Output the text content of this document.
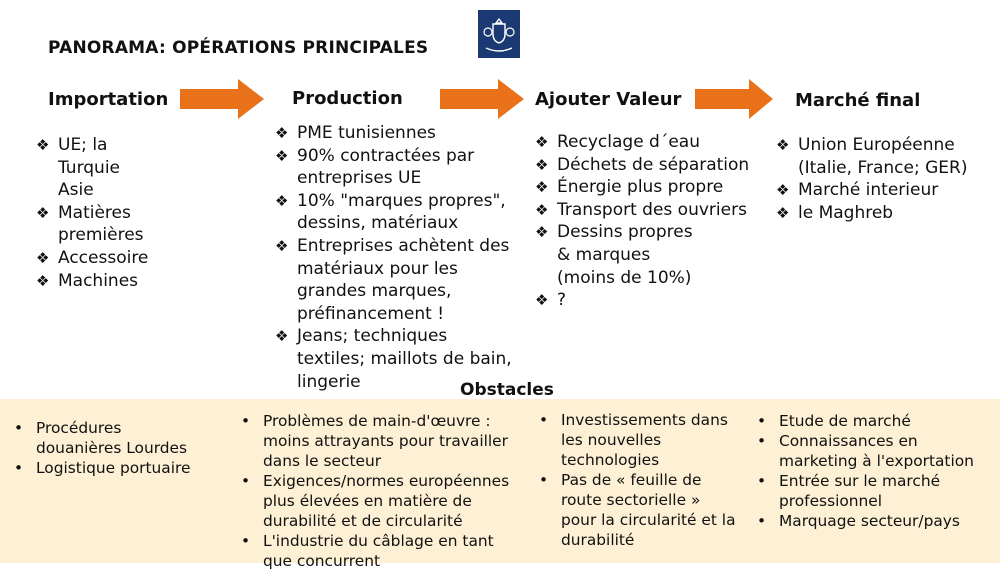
PANORAMA: OPÉRATIONS PRINCIPALES
Importation	Production	Ajouter Valeur	Marché final
❖ UE; la
Turquie
Asie
❖ Matières
premières
❖ Accessoire
❖ Machines
❖ PME tunisiennes
❖ 90% contractées par
entreprises UE
❖ 10% "marques propres",
dessins, matériaux
❖ Entreprises achètent des
matériaux pour les
grandes marques,
préfinancement !
❖ Jeans; techniques
textiles; maillots de bain,
lingerie
❖ Recyclage d´eau
❖ Déchets de séparation
❖ Énergie plus propre
❖ Transport des ouvriers
❖ Dessins propres
& marques
(moins de 10%)
❖ ?
❖ Union Européenne
(Italie, France; GER)
❖ Marché interieur
❖ le Maghreb
Obstacles
• Procédures
douanières Lourdes
• Logistique portuaire
• Problèmes de main-d'œuvre :
moins attrayants pour travailler
dans le secteur
• Exigences/normes européennes
plus élevées en matière de
durabilité et de circularité
• L'industrie du câblage en tant
que concurrent
• Investissements dans
les nouvelles
technologies
• Pas de « feuille de
route sectorielle »
pour la circularité et la
durabilité
• Etude de marché
• Connaissances en
marketing à l'exportation
• Entrée sur le marché
professionnel
• Marquage secteur/pays
